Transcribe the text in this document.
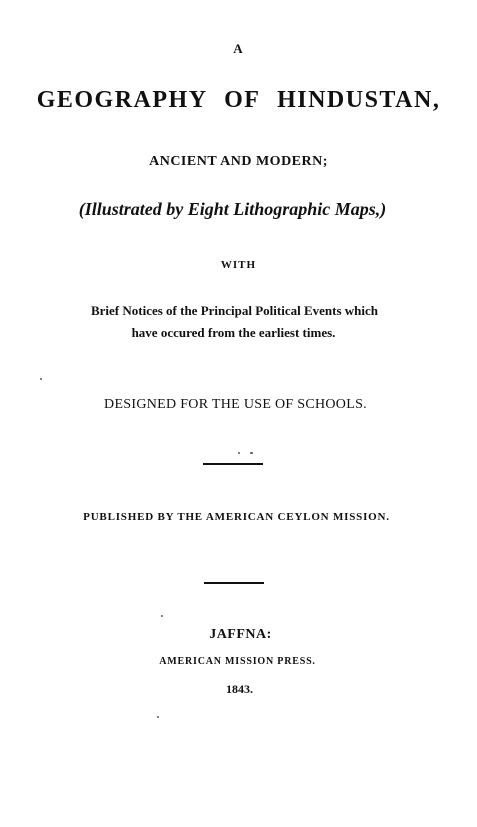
A
GEOGRAPHY OF HINDUSTAN,
ANCIENT AND MODERN;
(Illustrated by Eight Lithographic Maps,)
WITH
Brief Notices of the Principal Political Events which
have occured from the earliest times.
DESIGNED FOR THE USE OF SCHOOLS.
PUBLISHED BY THE AMERICAN CEYLON MISSION.
JAFFNA:
AMERICAN MISSION PRESS.
1843.
